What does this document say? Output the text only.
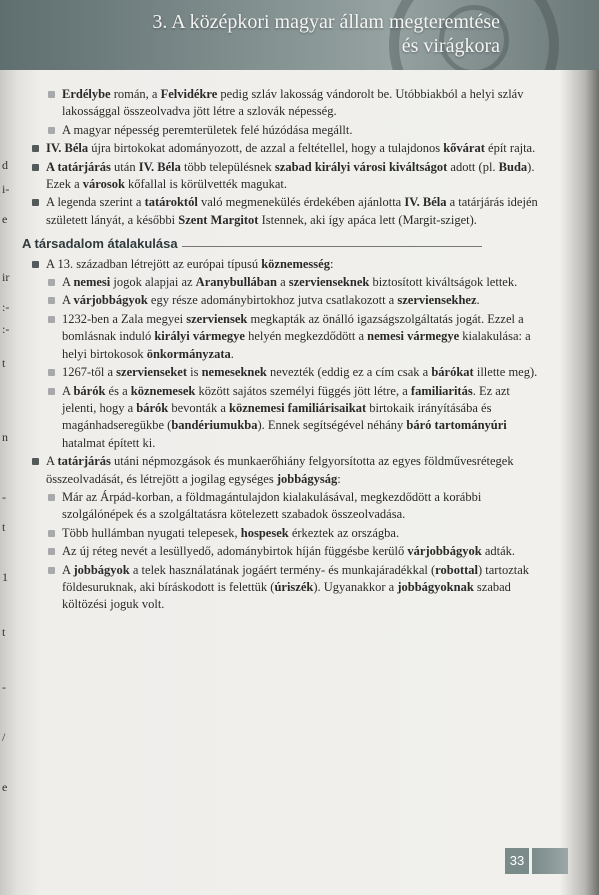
3. A középkori magyar állam megteremtése
és virágkora
d
i-
e
ir
:-
:-
t
n
-
t
1
t
-
/
e
Erdélybe román, a Felvidékre pedig szláv lakosság vándorolt be. Utóbbiakból a helyi szláv lakossággal összeolvadva jött létre a szlovák népesség.
A magyar népesség peremterületek felé húzódása megállt.
IV. Béla újra birtokokat adományozott, de azzal a feltétellel, hogy a tulajdonos kővárat épít rajta.
A tatárjárás után IV. Béla több településnek szabad királyi városi kiváltságot adott (pl. Buda). Ezek a városok kőfallal is körülvették magukat.
A legenda szerint a tatároktól való megmenekülés érdekében ajánlotta IV. Béla a tatárjárás idején született lányát, a későbbi Szent Margitot Istennek, aki így apáca lett (Margit-sziget).
A társadalom átalakulása
A 13. században létrejött az európai típusú köznemesség:
A nemesi jogok alapjai az Aranybullában a szervienseknek biztosított kiváltságok lettek.
A várjobbágyok egy része adománybirtokhoz jutva csatlakozott a szerviensekhez.
1232-ben a Zala megyei szerviensek megkapták az önálló igazságszolgáltatás jogát. Ezzel a bomlásnak induló királyi vármegye helyén megkezdődött a nemesi vármegye kialakulása: a helyi birtokosok önkormányzata.
1267-től a szervienseket is nemeseknek nevezték (eddig ez a cím csak a bárókat illette meg).
A bárók és a köznemesek között sajátos személyi függés jött létre, a familiaritás. Ez azt jelenti, hogy a bárók bevonták a köznemesi familiárisaikat birtokaik irányításába és magánhadseregükbe (bandériumukba). Ennek segítségével néhány báró tartományúri hatalmat épített ki.
A tatárjárás utáni népmozgások és munkaerőhiány felgyorsította az egyes földművesrétegek összeolvadását, és létrejött a jogilag egységes jobbágyság:
Már az Árpád-korban, a földmagántulajdon kialakulásával, megkezdődött a korábbi szolgálónépek és a szolgáltatásra kötelezett szabadok összeolvadása.
Több hullámban nyugati telepesek, hospesek érkeztek az országba.
Az új réteg nevét a lesüllyedő, adománybirtok híján függésbe kerülő várjobbágyok adták.
A jobbágyok a telek használatának jogáért termény- és munkajáradékkal (robottal) tartoztak földesuruknak, aki bíráskodott is felettük (úriszék). Ugyanakkor a jobbágyoknak szabad költözési joguk volt.
33
